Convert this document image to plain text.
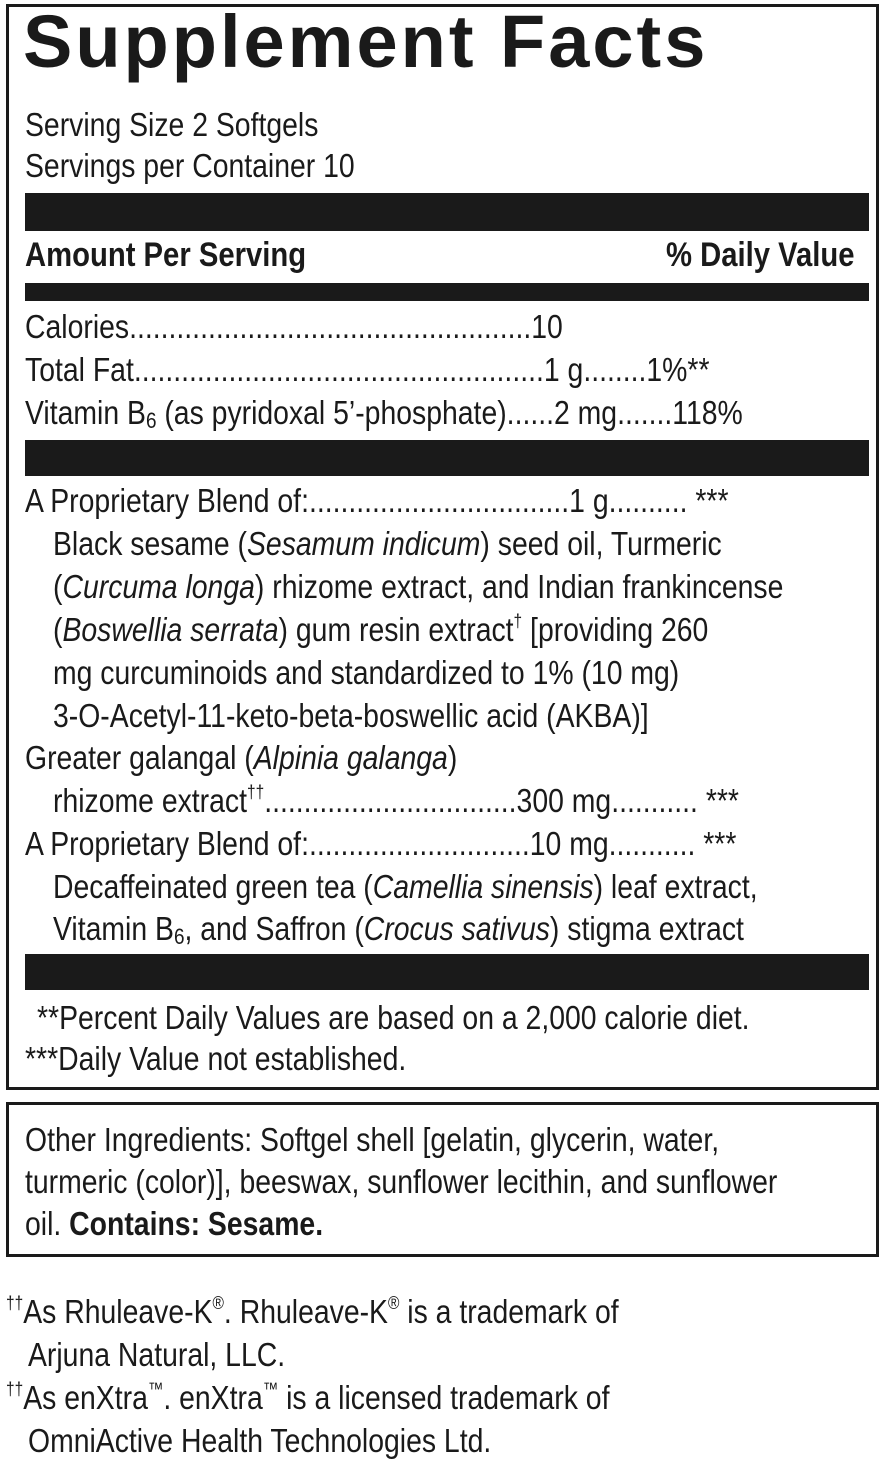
Supplement Facts
Serving Size 2 Softgels
Servings per Container 10
Amount Per Serving	% Daily Value
Calories...................................................10
Total Fat....................................................1 g........1%**
Vitamin $B_6$ (as pyridoxal 5’-phosphate)......2 mg.......118%
A Proprietary Blend of:.................................1 g.......... ***
Black sesame (Sesamum indicum) seed oil, Turmeric
(Curcuma longa) rhizome extract, and Indian frankincense
(Boswellia serrata) gum resin extract† [providing 260
mg curcuminoids and standardized to 1% (10 mg)
3-O-Acetyl-11-keto-beta-boswellic acid (AKBA)]
Greater galangal (Alpinia galanga)
rhizome extract††................................300 mg........... ***
A Proprietary Blend of:............................10 mg........... ***
Decaffeinated green tea (Camellia sinensis) leaf extract,
Vitamin $B_6$, and Saffron (Crocus sativus) stigma extract
**Percent Daily Values are based on a 2,000 calorie diet.
***Daily Value not established.
Other Ingredients: Softgel shell [gelatin, glycerin, water,
turmeric (color)], beeswax, sunflower lecithin, and sunflower
oil. Contains: Sesame.
††As Rhuleave-K®. Rhuleave-K® is a trademark of
Arjuna Natural, LLC.
††As enXtra™. enXtra™ is a licensed trademark of
OmniActive Health Technologies Ltd.
